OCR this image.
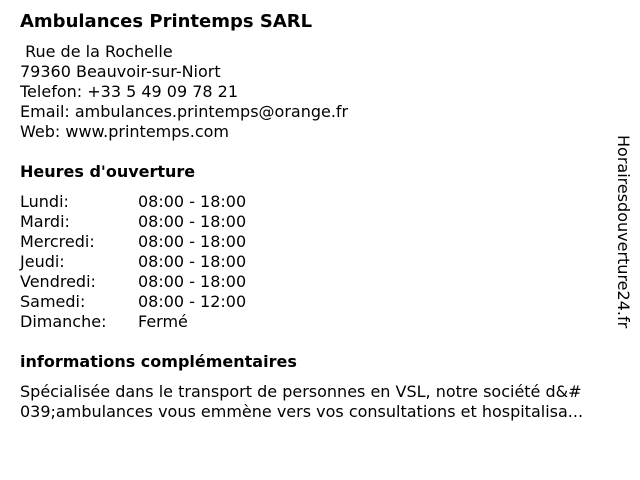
Ambulances Printemps SARL
Rue de la Rochelle
79360 Beauvoir-sur-Niort
Telefon: +33 5 49 09 78 21
Email: ambulances.printemps@orange.fr
Web: www.printemps.com
Heures d'ouverture
Lundi:	08:00 - 18:00
Mardi:	08:00 - 18:00
Mercredi:	08:00 - 18:00
Jeudi:	08:00 - 18:00
Vendredi:	08:00 - 18:00
Samedi:	08:00 - 12:00
Dimanche:	Fermé
informations complémentaires
Spécialisée dans le transport de personnes en VSL, notre société d&#
039;ambulances vous emmène vers vos consultations et hospitalisa...
Horairesdouverture24.fr
